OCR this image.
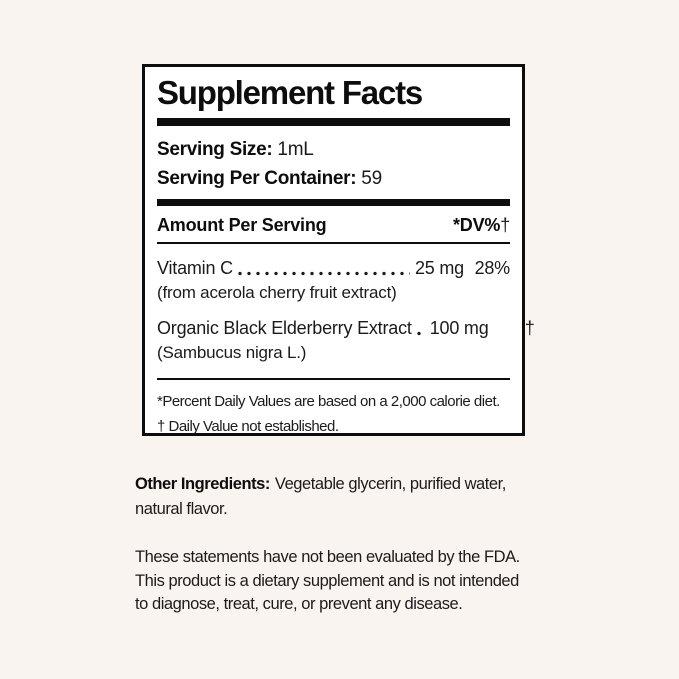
Supplement Facts
Serving Size: 1mL
Serving Per Container: 59
Amount Per Serving	*DV%†
Vitamin C	25 mg 28%
(from acerola cherry fruit extract)
Organic Black Elderberry Extract 100 mg	†
(Sambucus nigra L.)
*Percent Daily Values are based on a 2,000 calorie diet.
† Daily Value not established.
Other Ingredients: Vegetable glycerin, purified water,
natural flavor.
These statements have not been evaluated by the FDA.
This product is a dietary supplement and is not intended
to diagnose, treat, cure, or prevent any disease.
